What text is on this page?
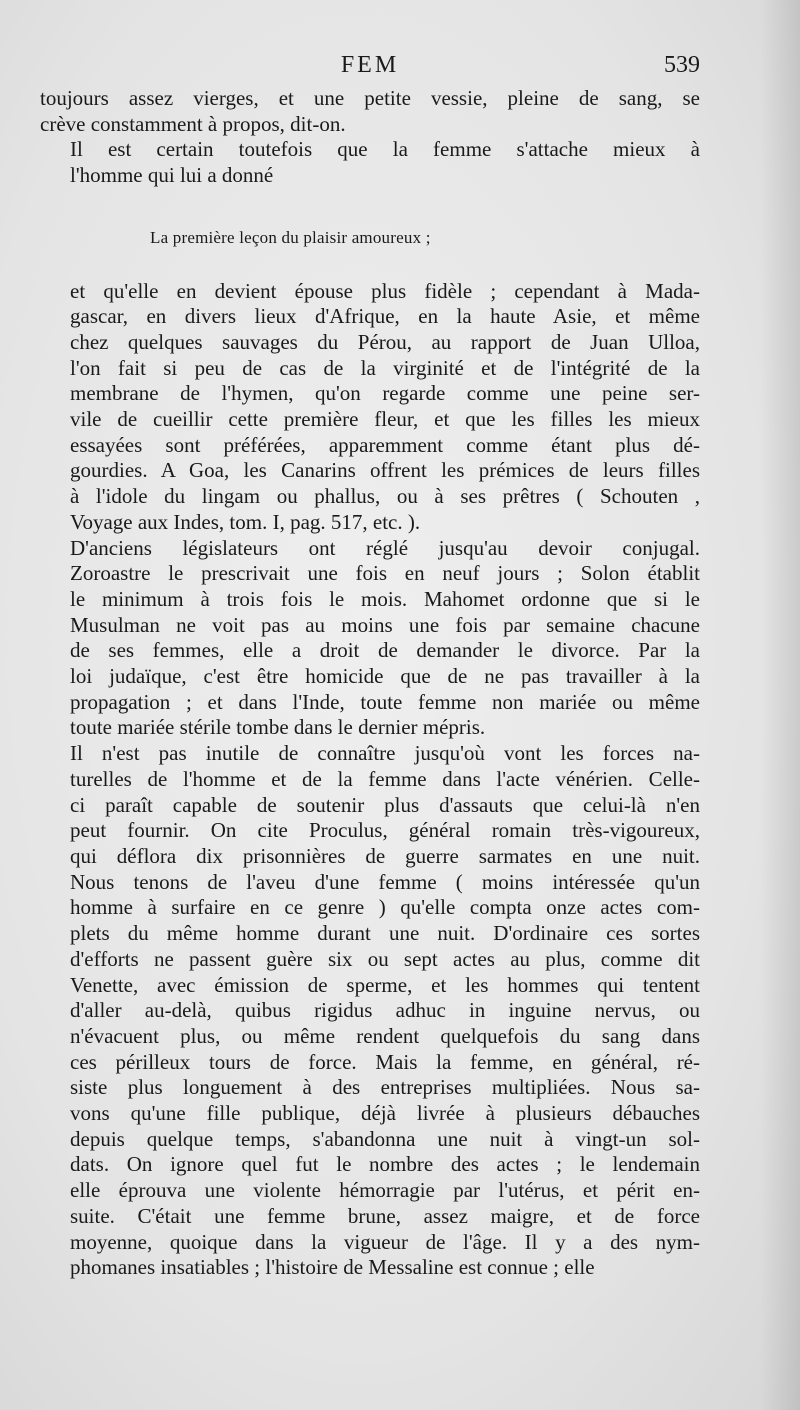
FEM	539

toujours assez vierges, et une petite vessie, pleine de sang, se
crève constamment à propos, dit-on.

Il est certain toutefois que la femme s'attache mieux à
l'homme qui lui a donné

La première leçon du plaisir amoureux ;

et qu'elle en devient épouse plus fidèle ; cependant à Mada-
gascar, en divers lieux d'Afrique, en la haute Asie, et même
chez quelques sauvages du Pérou, au rapport de Juan Ulloa,
l'on fait si peu de cas de la virginité et de l'intégrité de la
membrane de l'hymen, qu'on regarde comme une peine ser-
vile de cueillir cette première fleur, et que les filles les mieux
essayées sont préférées, apparemment comme étant plus dé-
gourdies. A Goa, les Canarins offrent les prémices de leurs filles
à l'idole du lingam ou phallus, ou à ses prêtres ( Schouten ,
Voyage aux Indes, tom. I, pag. 517, etc. ).

D'anciens législateurs ont réglé jusqu'au devoir conjugal.
Zoroastre le prescrivait une fois en neuf jours ; Solon établit
le minimum à trois fois le mois. Mahomet ordonne que si le
Musulman ne voit pas au moins une fois par semaine chacune
de ses femmes, elle a droit de demander le divorce. Par la
loi judaïque, c'est être homicide que de ne pas travailler à la
propagation ; et dans l'Inde, toute femme non mariée ou même
toute mariée stérile tombe dans le dernier mépris.

Il n'est pas inutile de connaître jusqu'où vont les forces na-
turelles de l'homme et de la femme dans l'acte vénérien. Celle-
ci paraît capable de soutenir plus d'assauts que celui-là n'en
peut fournir. On cite Proculus, général romain très-vigoureux,
qui déflora dix prisonnières de guerre sarmates en une nuit.
Nous tenons de l'aveu d'une femme ( moins intéressée qu'un
homme à surfaire en ce genre ) qu'elle compta onze actes com-
plets du même homme durant une nuit. D'ordinaire ces sortes
d'efforts ne passent guère six ou sept actes au plus, comme dit
Venette, avec émission de sperme, et les hommes qui tentent
d'aller au-delà, quibus rigidus adhuc in inguine nervus, ou
n'évacuent plus, ou même rendent quelquefois du sang dans
ces périlleux tours de force. Mais la femme, en général, ré-
siste plus longuement à des entreprises multipliées. Nous sa-
vons qu'une fille publique, déjà livrée à plusieurs débauches
depuis quelque temps, s'abandonna une nuit à vingt-un sol-
dats. On ignore quel fut le nombre des actes ; le lendemain
elle éprouva une violente hémorragie par l'utérus, et périt en-
suite. C'était une femme brune, assez maigre, et de force
moyenne, quoique dans la vigueur de l'âge. Il y a des nym-
phomanes insatiables ; l'histoire de Messaline est connue ; elle
